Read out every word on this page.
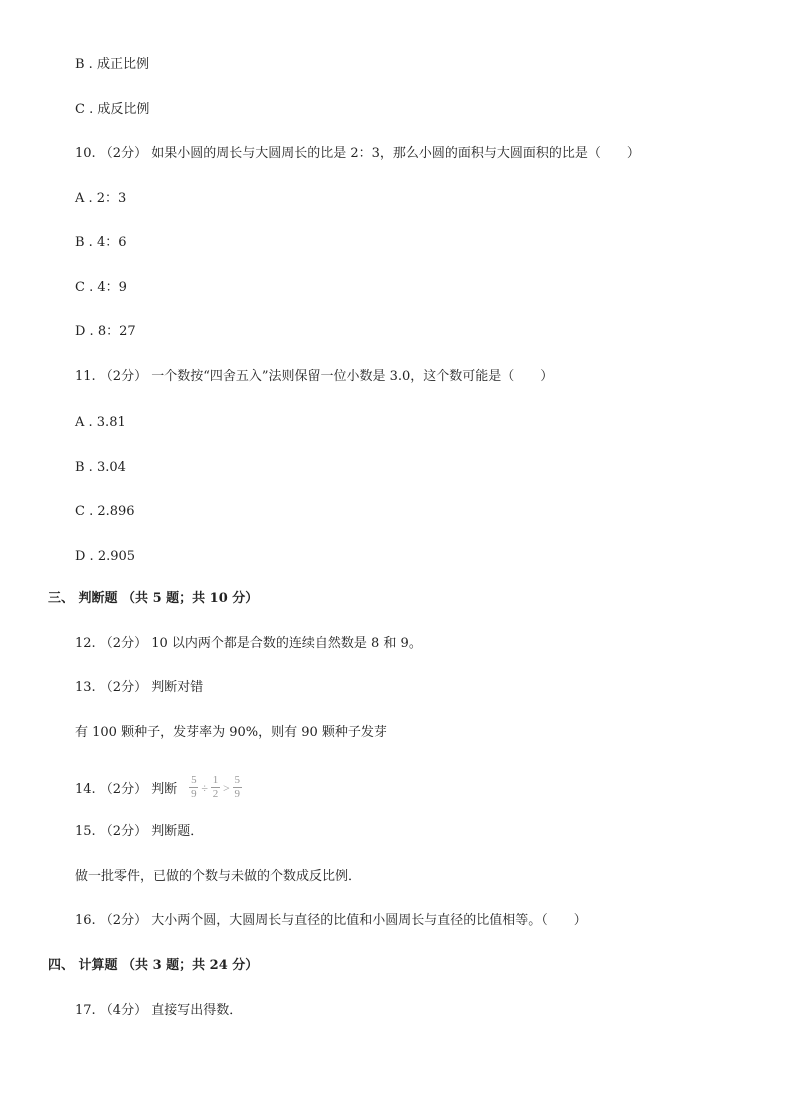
B . 成正比例
C . 成反比例
10. （2分） 如果小圆的周长与大圆周长的比是 2：3，那么小圆的面积与大圆面积的比是（　　）
A . 2：3
B . 4：6
C . 4：9
D . 8：27
11. （2分） 一个数按“四舍五入”法则保留一位小数是 3.0，这个数可能是（　　）
A . 3.81
B . 3.04
C . 2.896
D . 2.905
三、 判断题 （共 5 题；共 10 分）
12. （2分） 10 以内两个都是合数的连续自然数是 8 和 9。
13. （2分） 判断对错
有 100 颗种子，发芽率为 90%，则有 90 颗种子发芽
14. （2分） 判断 $\frac{5}{9} \div \frac{1}{2} > \frac{5}{9}$
15. （2分） 判断题．
做一批零件，已做的个数与未做的个数成反比例．
16. （2分） 大小两个圆，大圆周长与直径的比值和小圆周长与直径的比值相等。（　　）
四、 计算题 （共 3 题；共 24 分）
17. （4分） 直接写出得数．
